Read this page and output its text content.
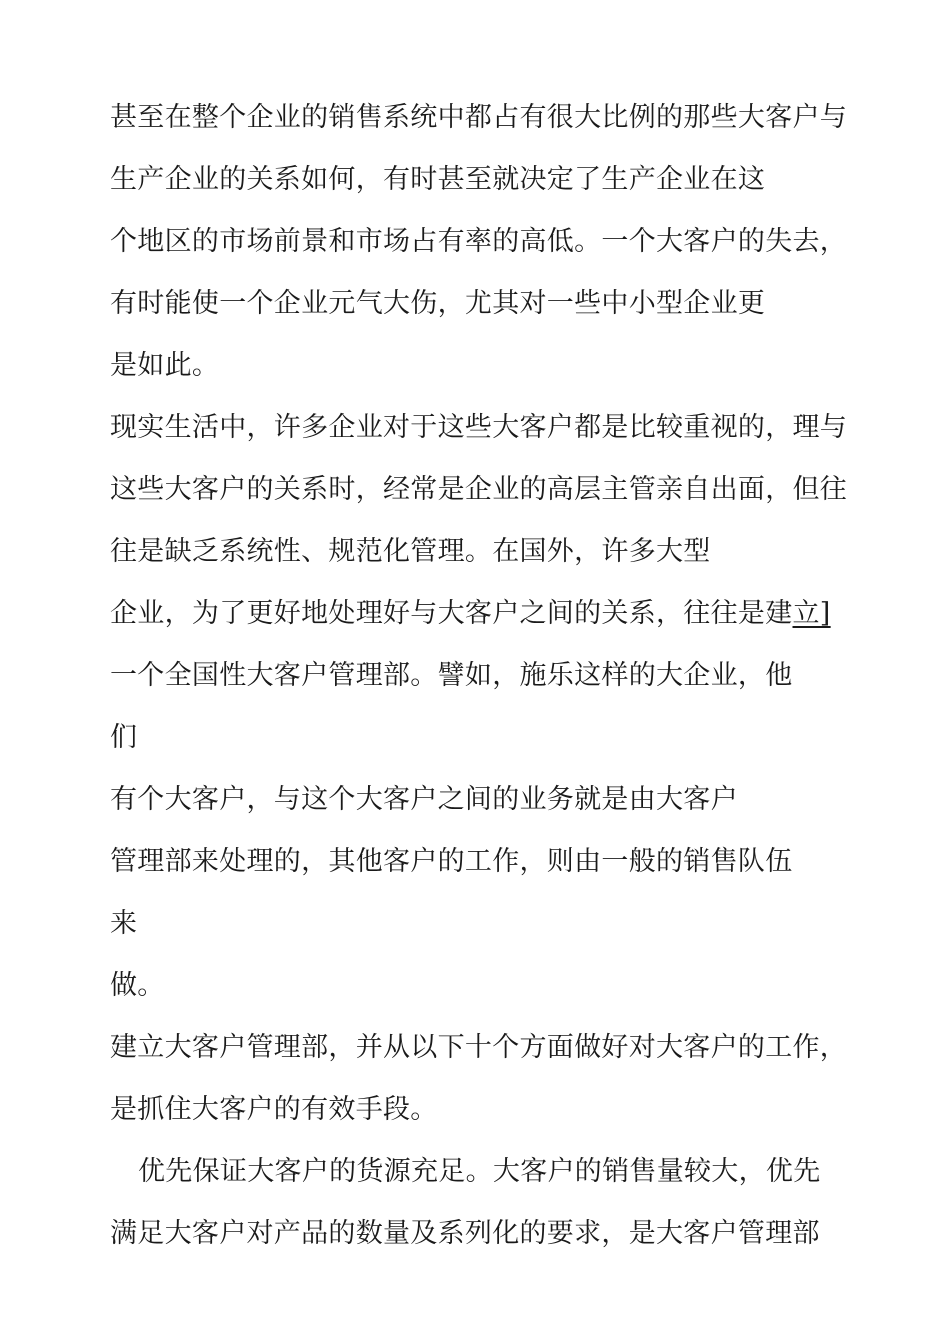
甚至在整个企业的销售系统中都占有很大比例的那些大客户与
生产企业的关系如何，有时甚至就决定了生产企业在这
个地区的市场前景和市场占有率的高低。一个大客户的失去，
有时能使一个企业元气大伤，尤其对一些中小型企业更
是如此。
现实生活中，许多企业对于这些大客户都是比较重视的，理与
这些大客户的关系时，经常是企业的高层主管亲自出面，但往
往是缺乏系统性、规范化管理。在国外，许多大型
企业，为了更好地处理好与大客户之间的关系，往往是建立]
一个全国性大客户管理部。譬如，施乐这样的大企业，他
们
有个大客户，与这个大客户之间的业务就是由大客户
管理部来处理的，其他客户的工作，则由一般的销售队伍
来
做。
建立大客户管理部，并从以下十个方面做好对大客户的工作，
是抓住大客户的有效手段。
优先保证大客户的货源充足。大客户的销售量较大，优先
满足大客户对产品的数量及系列化的要求，是大客户管理部
